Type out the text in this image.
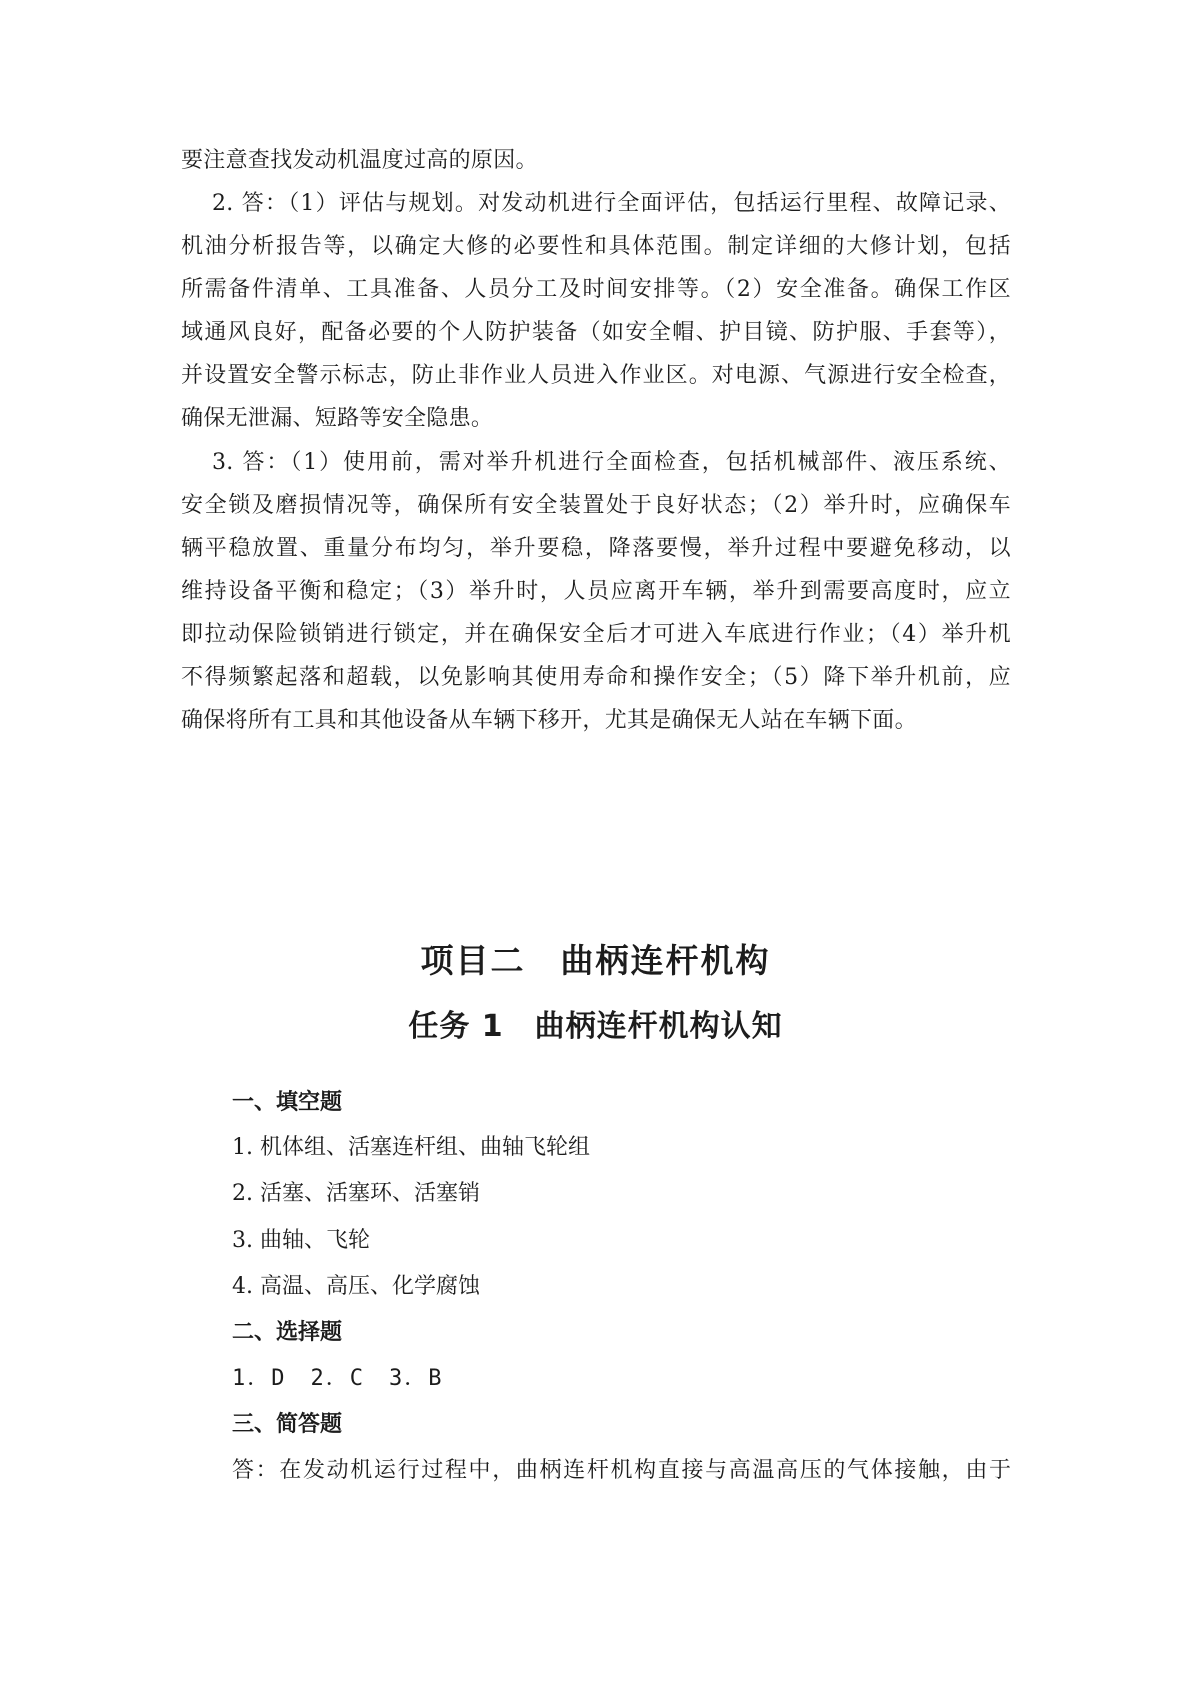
要注意查找发动机温度过高的原因。
2. 答：（1）评估与规划。对发动机进行全面评估，包括运行里程、故障记录、
机油分析报告等，以确定大修的必要性和具体范围。制定详细的大修计划，包括
所需备件清单、工具准备、人员分工及时间安排等。（2）安全准备。确保工作区
域通风良好，配备必要的个人防护装备（如安全帽、护目镜、防护服、手套等），
并设置安全警示标志，防止非作业人员进入作业区。对电源、气源进行安全检查，
确保无泄漏、短路等安全隐患。
3. 答：（1）使用前，需对举升机进行全面检查，包括机械部件、液压系统、
安全锁及磨损情况等，确保所有安全装置处于良好状态；（2）举升时，应确保车
辆平稳放置、重量分布均匀，举升要稳，降落要慢，举升过程中要避免移动，以
维持设备平衡和稳定；（3）举升时，人员应离开车辆，举升到需要高度时，应立
即拉动保险锁销进行锁定，并在确保安全后才可进入车底进行作业；（4）举升机
不得频繁起落和超载，以免影响其使用寿命和操作安全；（5）降下举升机前，应
确保将所有工具和其他设备从车辆下移开，尤其是确保无人站在车辆下面。
项目二　曲柄连杆机构
任务 1　曲柄连杆机构认知
一、填空题
1. 机体组、活塞连杆组、曲轴飞轮组
2. 活塞、活塞环、活塞销
3. 曲轴、飞轮
4. 高温、高压、化学腐蚀
二、选择题
1．D　2．C　3．B
三、简答题
答：在发动机运行过程中，曲柄连杆机构直接与高温高压的气体接触，由于
